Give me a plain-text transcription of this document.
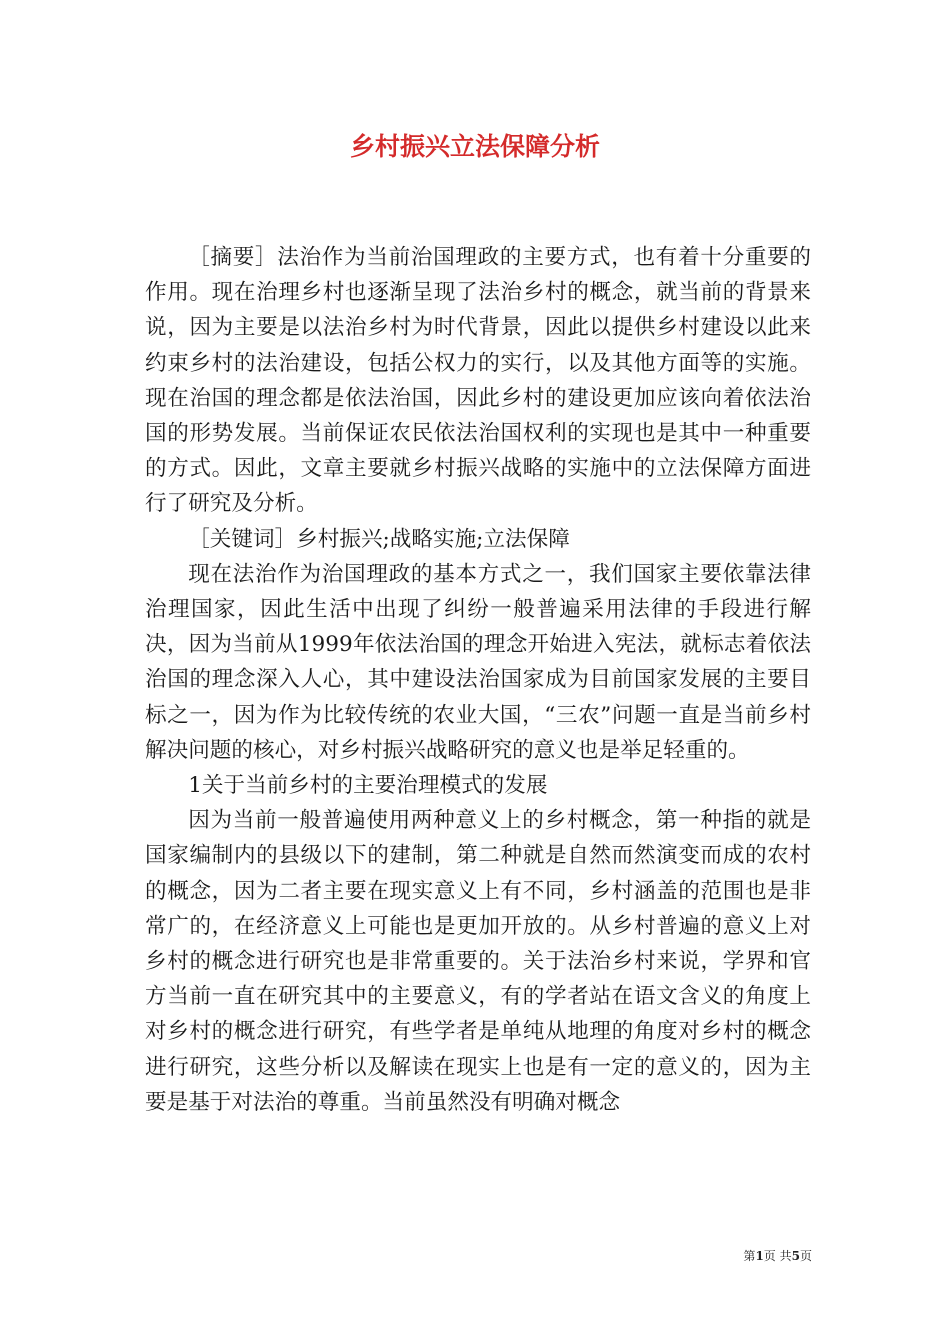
乡村振兴立法保障分析

［摘要］法治作为当前治国理政的主要方式，也有着十分重要的作用。现在治理乡村也逐渐呈现了法治乡村的概念，就当前的背景来说，因为主要是以法治乡村为时代背景，因此以提供乡村建设以此来约束乡村的法治建设，包括公权力的实行，以及其他方面等的实施。现在治国的理念都是依法治国，因此乡村的建设更加应该向着依法治国的形势发展。当前保证农民依法治国权利的实现也是其中一种重要的方式。因此，文章主要就乡村振兴战略的实施中的立法保障方面进行了研究及分析。

［关键词］乡村振兴;战略实施;立法保障

现在法治作为治国理政的基本方式之一，我们国家主要依靠法律治理国家，因此生活中出现了纠纷一般普遍采用法律的手段进行解决，因为当前从1999年依法治国的理念开始进入宪法，就标志着依法治国的理念深入人心，其中建设法治国家成为目前国家发展的主要目标之一，因为作为比较传统的农业大国，“三农”问题一直是当前乡村解决问题的核心，对乡村振兴战略研究的意义也是举足轻重的。

1关于当前乡村的主要治理模式的发展

因为当前一般普遍使用两种意义上的乡村概念，第一种指的就是国家编制内的县级以下的建制，第二种就是自然而然演变而成的农村的概念，因为二者主要在现实意义上有不同，乡村涵盖的范围也是非常广的，在经济意义上可能也是更加开放的。从乡村普遍的意义上对乡村的概念进行研究也是非常重要的。关于法治乡村来说，学界和官方当前一直在研究其中的主要意义，有的学者站在语文含义的角度上对乡村的概念进行研究，有些学者是单纯从地理的角度对乡村的概念进行研究，这些分析以及解读在现实上也是有一定的意义的，因为主要是基于对法治的尊重。当前虽然没有明确对概念

第1页 共5页
